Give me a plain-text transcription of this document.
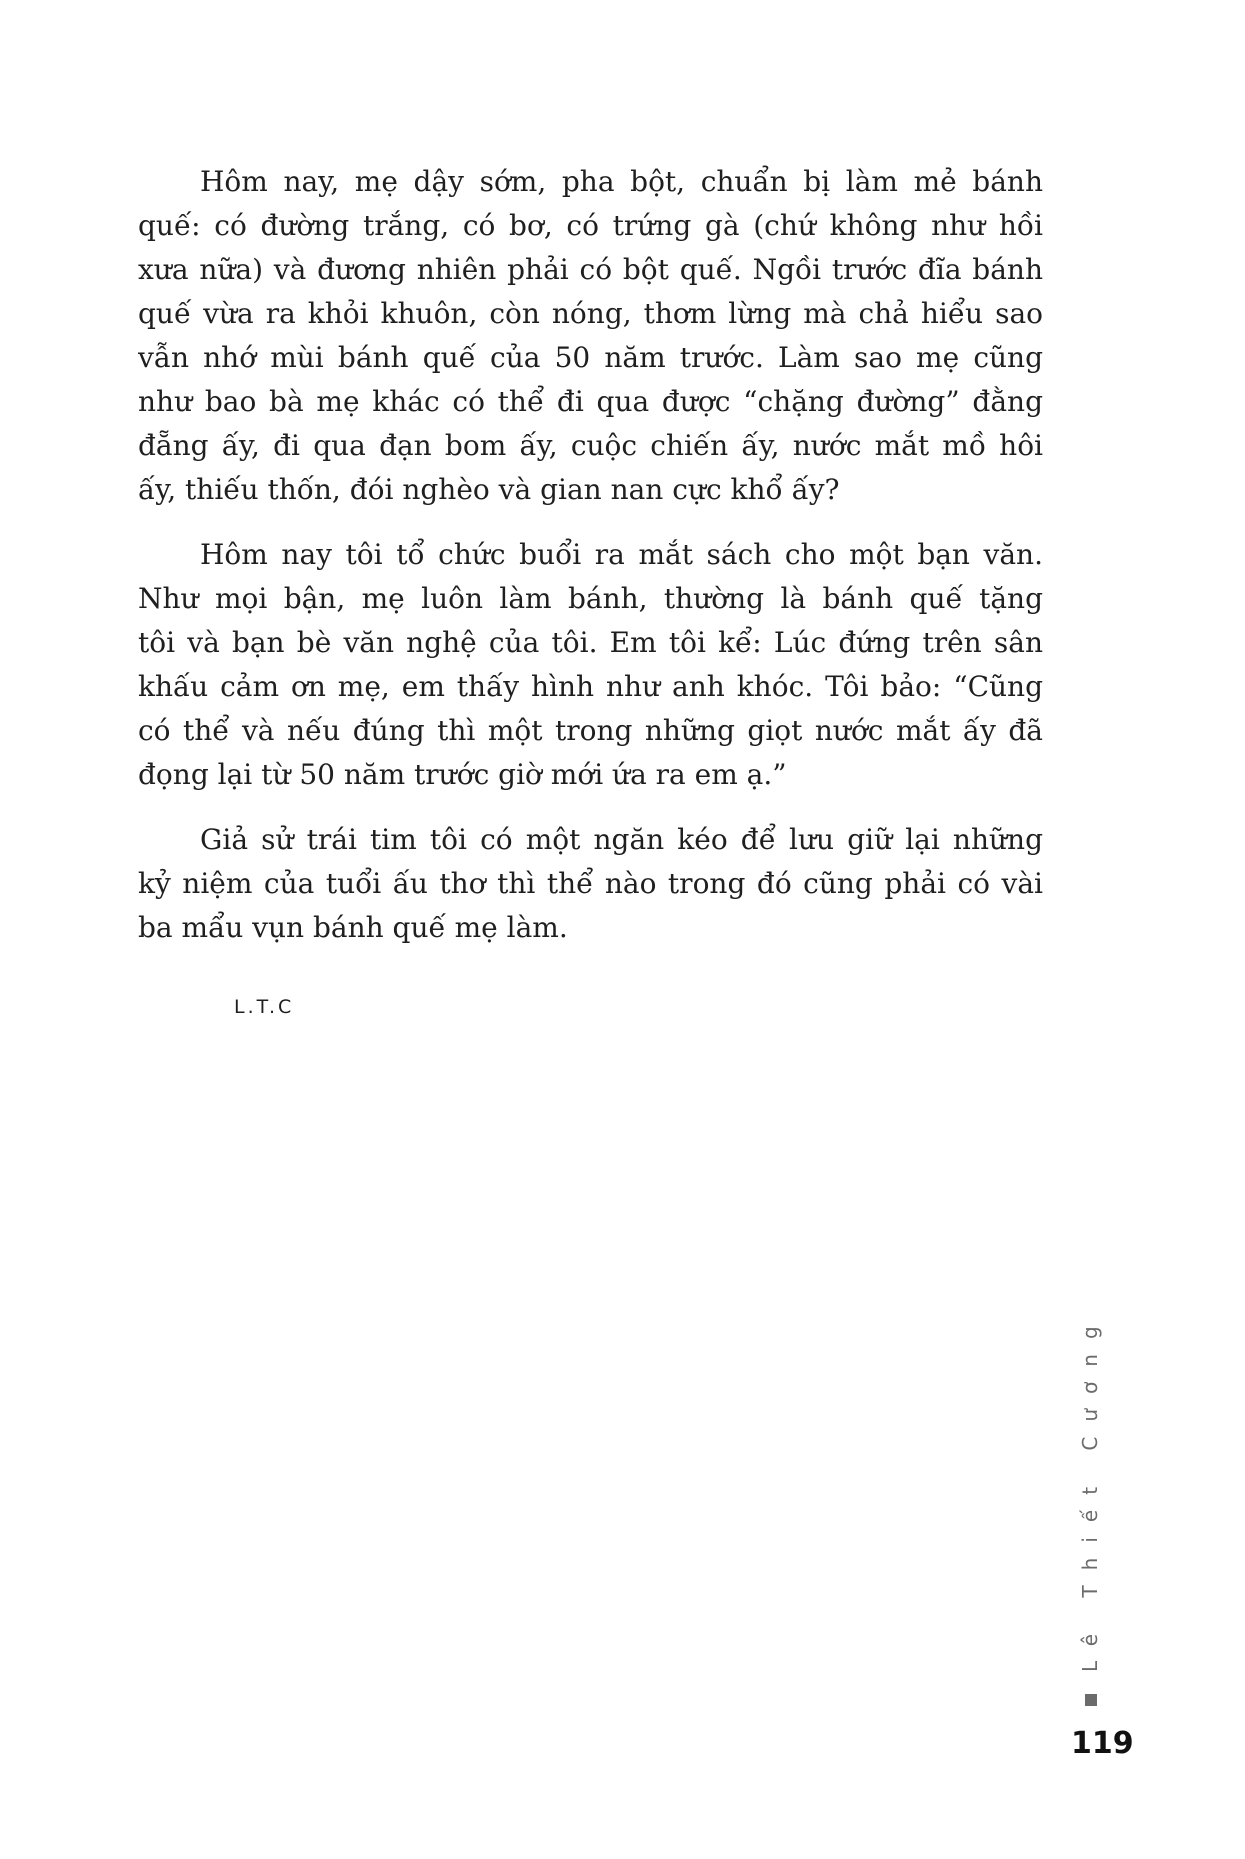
Hôm nay, mẹ dậy sớm, pha bột, chuẩn bị làm mẻ bánh
quế: có đường trắng, có bơ, có trứng gà (chứ không như hồi
xưa nữa) và đương nhiên phải có bột quế. Ngồi trước đĩa bánh
quế vừa ra khỏi khuôn, còn nóng, thơm lừng mà chả hiểu sao
vẫn nhớ mùi bánh quế của 50 năm trước. Làm sao mẹ cũng
như bao bà mẹ khác có thể đi qua được “chặng đường” đằng
đẵng ấy, đi qua đạn bom ấy, cuộc chiến ấy, nước mắt mồ hôi
ấy, thiếu thốn, đói nghèo và gian nan cực khổ ấy?
Hôm nay tôi tổ chức buổi ra mắt sách cho một bạn văn.
Như mọi bận, mẹ luôn làm bánh, thường là bánh quế tặng
tôi và bạn bè văn nghệ của tôi. Em tôi kể: Lúc đứng trên sân
khấu cảm ơn mẹ, em thấy hình như anh khóc. Tôi bảo: “Cũng
có thể và nếu đúng thì một trong những giọt nước mắt ấy đã
đọng lại từ 50 năm trước giờ mới ứa ra em ạ.”
Giả sử trái tim tôi có một ngăn kéo để lưu giữ lại những
kỷ niệm của tuổi ấu thơ thì thể nào trong đó cũng phải có vài
ba mẩu vụn bánh quế mẹ làm.
L.T.C
Lê Thiết Cương
119
